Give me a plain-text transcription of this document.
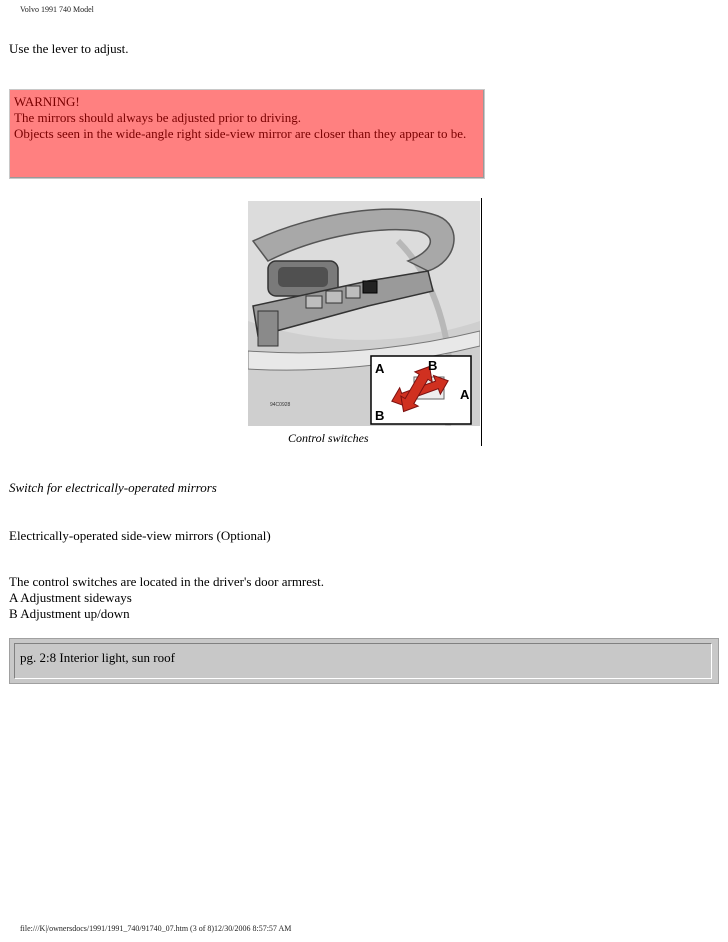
Volvo 1991 740 Model
Use the lever to adjust.
WARNING!
The mirrors should always be adjusted prior to driving.
Objects seen in the wide-angle right side-view mirror are closer than they appear to be.
94C0928
A	B
A
B
Control switches
Switch for electrically-operated mirrors
Electrically-operated side-view mirrors (Optional)
The control switches are located in the driver's door armrest.
A Adjustment sideways
B Adjustment up/down
pg. 2:8 Interior light, sun roof
file:///K|/ownersdocs/1991/1991_740/91740_07.htm (3 of 8)12/30/2006 8:57:57 AM
